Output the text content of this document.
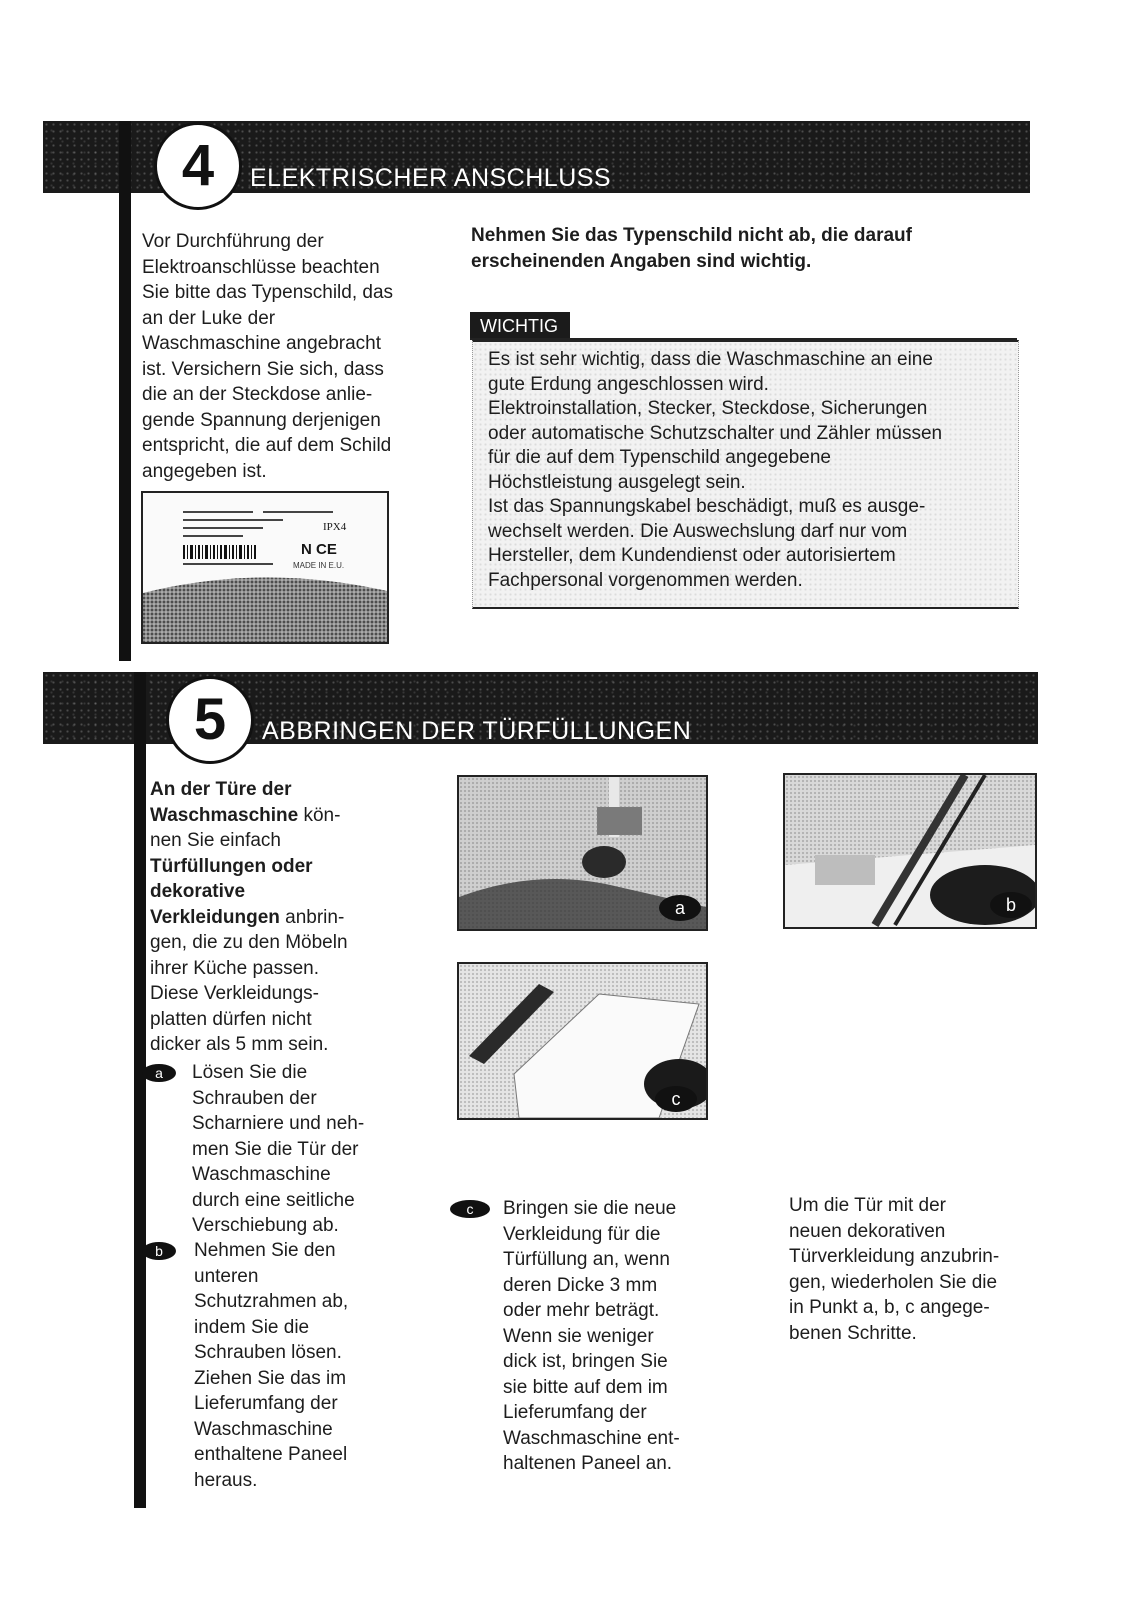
4	ELEKTRISCHER ANSCHLUSS
Vor Durchführung der
Elektroanschlüsse beachten
Sie bitte das Typenschild, das
an der Luke der
Waschmaschine angebracht
ist. Versichern Sie sich, dass
die an der Steckdose anlie-
gende Spannung derjenigen
entspricht, die auf dem Schild
angegeben ist.
IPX4
N CE
MADE IN E.U.
Nehmen Sie das Typenschild nicht ab, die darauf
erscheinenden Angaben sind wichtig.
WICHTIG
Es ist sehr wichtig, dass die Waschmaschine an eine
gute Erdung angeschlossen wird.
Elektroinstallation, Stecker, Steckdose, Sicherungen
oder automatische Schutzschalter und Zähler müssen
für die auf dem Typenschild angegebene
Höchstleistung ausgelegt sein.
Ist das Spannungskabel beschädigt, muß es ausge-
wechselt werden. Die Auswechslung darf nur vom
Hersteller, dem Kundendienst oder autorisiertem
Fachpersonal vorgenommen werden.
5	ABBRINGEN DER TÜRFÜLLUNGEN
An der Türe der
Waschmaschine kön-
nen Sie einfach
Türfüllungen oder
dekorative
Verkleidungen anbrin-
gen, die zu den Möbeln
ihrer Küche passen.
Diese Verkleidungs-
platten dürfen nicht
dicker als 5 mm sein.
a	Lösen Sie die
Schrauben der
Scharniere und neh-
men Sie die Tür der
Waschmaschine
durch eine seitliche
Verschiebung ab.
b	Nehmen Sie den
unteren
Schutzrahmen ab,
indem Sie die
Schrauben lösen.
Ziehen Sie das im
Lieferumfang der
Waschmaschine
enthaltene Paneel
heraus.
a	b
c
c	Bringen sie die neue
Verkleidung für die
Türfüllung an, wenn
deren Dicke 3 mm
oder mehr beträgt.
Wenn sie weniger
dick ist, bringen Sie
sie bitte auf dem im
Lieferumfang der
Waschmaschine ent-
haltenen Paneel an.
Um die Tür mit der
neuen dekorativen
Türverkleidung anzubrin-
gen, wiederholen Sie die
in Punkt a, b, c angege-
benen Schritte.
